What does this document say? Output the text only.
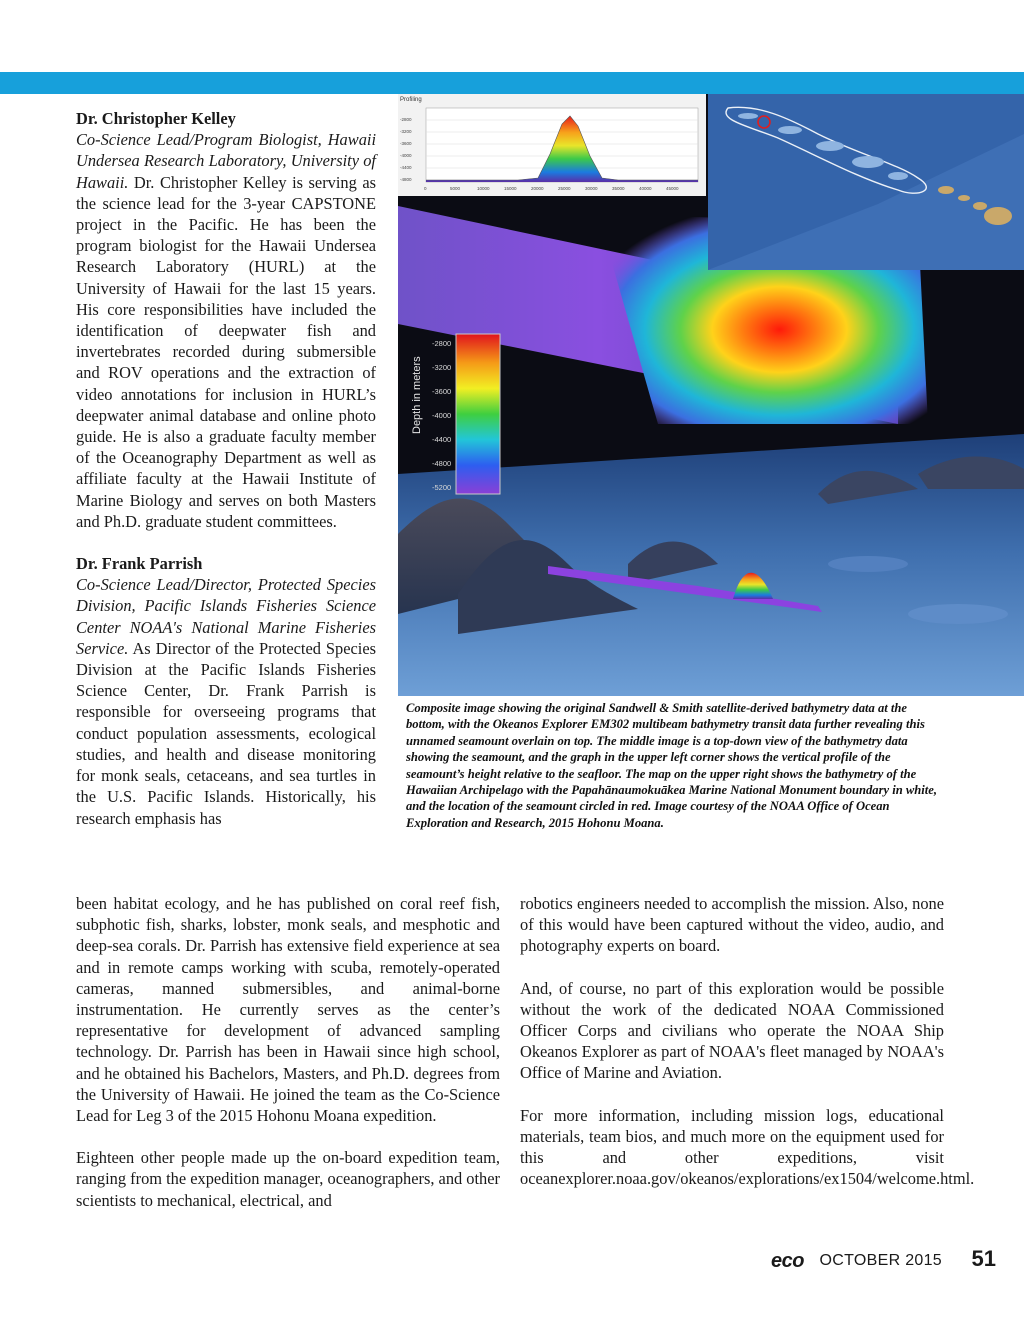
Dr. Christopher Kelley
Co-Science Lead/Program Biologist, Hawaii Undersea Research Laboratory, University of Hawaii. Dr. Christopher Kelley is serving as the science lead for the 3-year CAPSTONE project in the Pacific. He has been the program biologist for the Hawaii Undersea Research Laboratory (HURL) at the University of Hawaii for the last 15 years. His core responsibilities have included the identification of deepwater fish and invertebrates recorded during submersible and ROV operations and the extraction of video annotations for inclusion in HURL’s deepwater animal database and online photo guide. He is also a graduate faculty member of the Oceanography Department as well as affiliate faculty at the Hawaii Institute of Marine Biology and serves on both Masters and Ph.D. graduate student committees.

Dr. Frank Parrish
Co-Science Lead/Director, Protected Species Division, Pacific Islands Fisheries Science Center NOAA's National Marine Fisheries Service. As Director of the Protected Species Division at the Pacific Islands Fisheries Science Center, Dr. Frank Parrish is responsible for overseeing programs that conduct population assessments, ecological studies, and health and disease monitoring for monk seals, cetaceans, and sea turtles in the U.S. Pacific Islands. Historically, his research emphasis has

been habitat ecology, and he has published on coral reef fish, subphotic fish, sharks, lobster, monk seals, and mesphotic and deep-sea corals. Dr. Parrish has extensive field experience at sea and in remote camps working with scuba, remotely-operated cameras, manned submersibles, and animal-borne instrumentation. He currently serves as the center’s representative for development of advanced sampling technology. Dr. Parrish has been in Hawaii since high school, and he obtained his Bachelors, Masters, and Ph.D. degrees from the University of Hawaii. He joined the team as the Co-Science Lead for Leg 3 of the 2015 Hohonu Moana expedition.

Eighteen other people made up the on-board expedition team, ranging from the expedition manager, oceanographers, and other scientists to mechanical, electrical, and

robotics engineers needed to accomplish the mission. Also, none of this would have been captured without the video, audio, and photography experts on board.

And, of course, no part of this exploration would be possible without the work of the dedicated NOAA Commissioned Officer Corps and civilians who operate the NOAA Ship Okeanos Explorer as part of NOAA's fleet managed by NOAA's Office of Marine and Aviation.

For more information, including mission logs, educational materials, team bios, and much more on the equipment used for this and other expeditions, visit oceanexplorer.noaa.gov/okeanos/explorations/ex1504/welcome.html.

Depth in meters
-2800
-3200
-3600
-4000
-4400
-4800
-5200
Profiling
-2800
-3200
-3600
-4000
-4400
-4800
0	5000	10000	15000	20000	25000	30000	35000	40000	45000
Composite image showing the original Sandwell & Smith satellite-derived bathymetry data at the bottom, with the Okeanos Explorer EM302 multibeam bathymetry transit data further revealing this unnamed seamount overlain on top. The middle image is a top-down view of the bathymetry data showing the seamount, and the graph in the upper left corner shows the vertical profile of the seamount’s height relative to the seafloor. The map on the upper right shows the bathymetry of the Hawaiian Archipelago with the Papahānaumokuākea Marine National Monument boundary in white, and the location of the seamount circled in red. Image courtesy of the NOAA Office of Ocean Exploration and Research, 2015 Hohonu Moana.
eco OCTOBER 2015 51
